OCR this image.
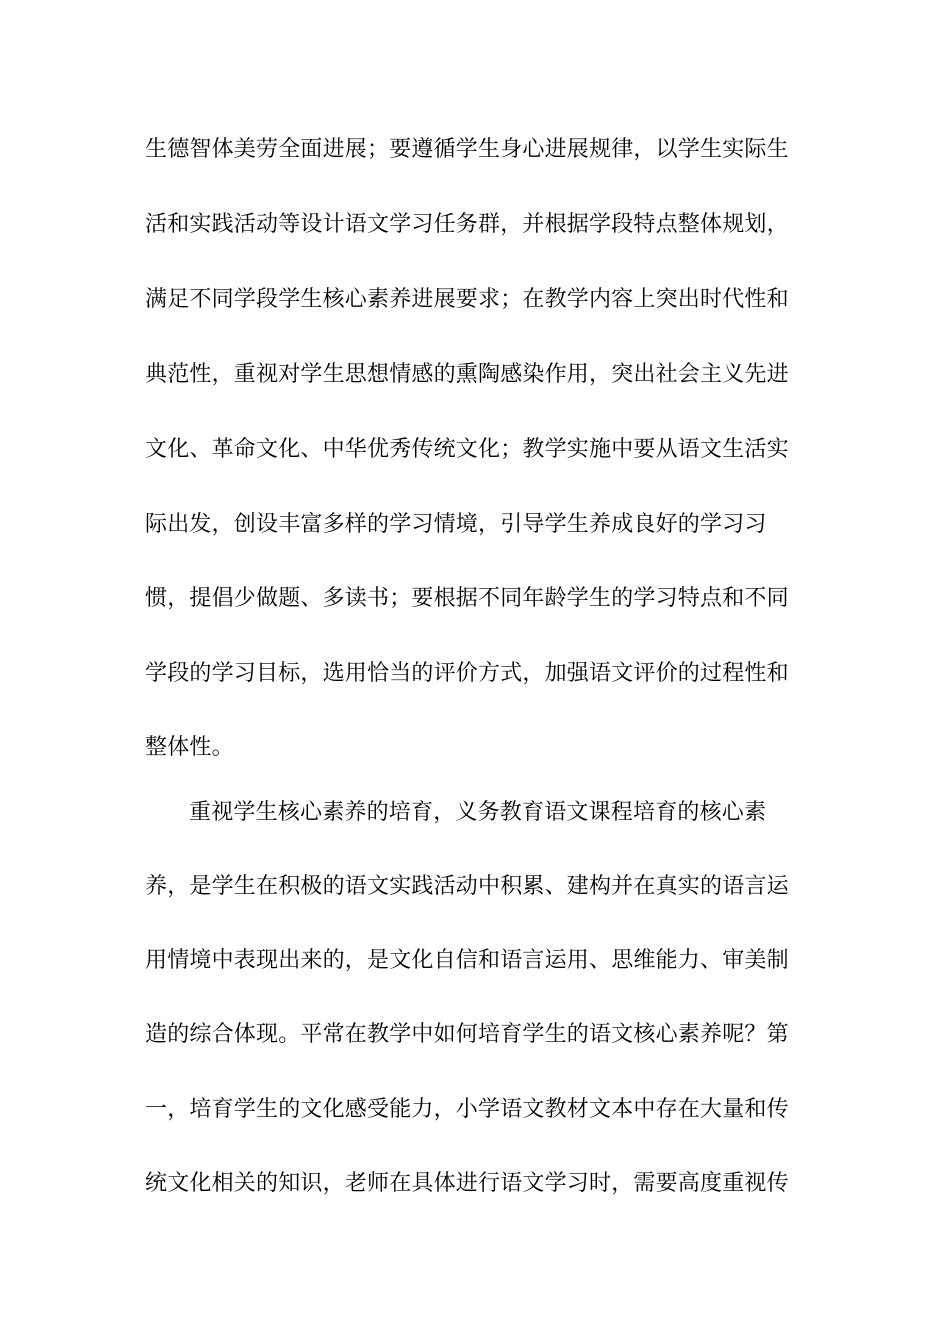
生德智体美劳全面进展；要遵循学生身心进展规律，以学生实际生
活和实践活动等设计语文学习任务群，并根据学段特点整体规划，
满足不同学段学生核心素养进展要求；在教学内容上突出时代性和
典范性，重视对学生思想情感的熏陶感染作用，突出社会主义先进
文化、革命文化、中华优秀传统文化；教学实施中要从语文生活实
际出发，创设丰富多样的学习情境，引导学生养成良好的学习习
惯，提倡少做题、多读书；要根据不同年龄学生的学习特点和不同
学段的学习目标，选用恰当的评价方式，加强语文评价的过程性和
整体性。
重视学生核心素养的培育，义务教育语文课程培育的核心素
养，是学生在积极的语文实践活动中积累、建构并在真实的语言运
用情境中表现出来的，是文化自信和语言运用、思维能力、审美制
造的综合体现。平常在教学中如何培育学生的语文核心素养呢？第
一，培育学生的文化感受能力，小学语文教材文本中存在大量和传
统文化相关的知识，老师在具体进行语文学习时，需要高度重视传
